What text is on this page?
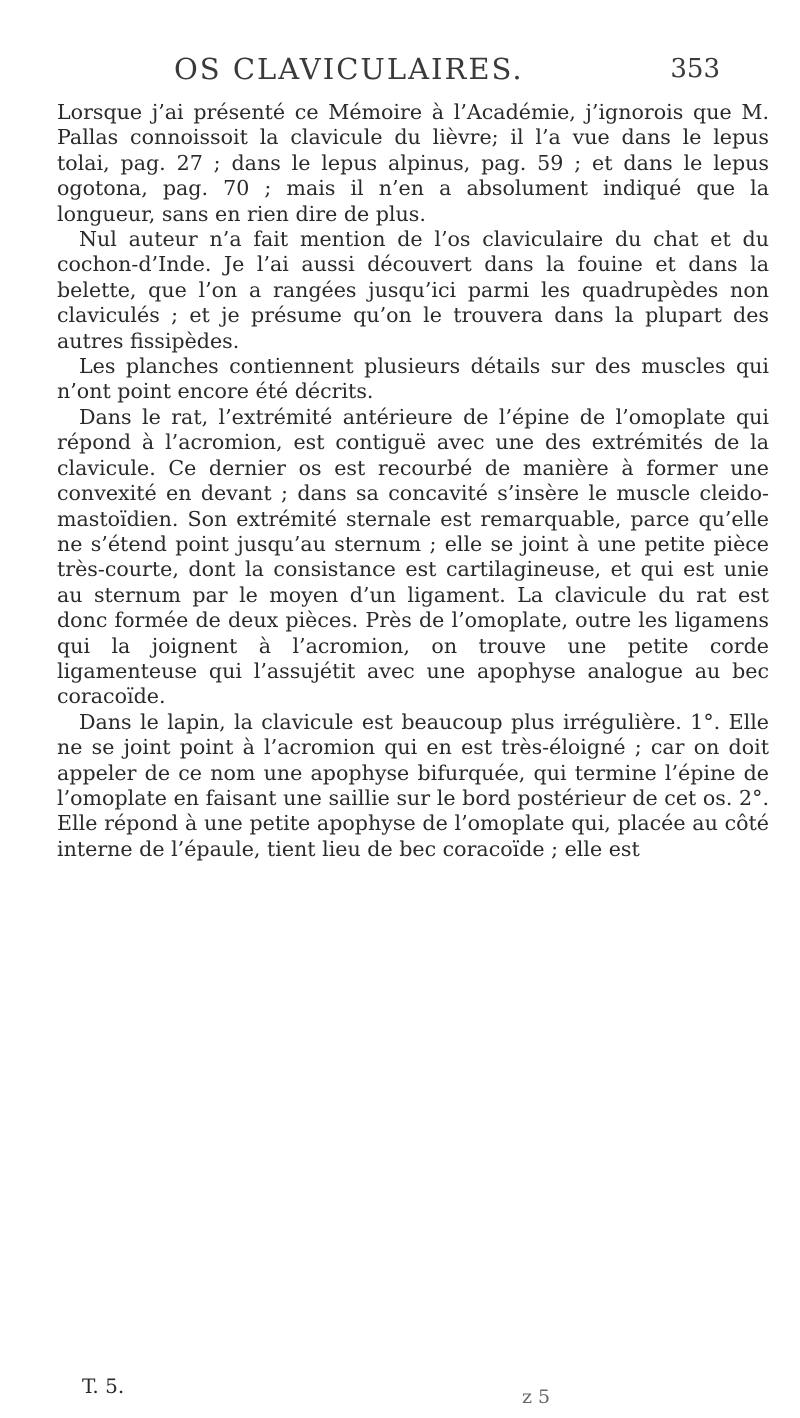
OS CLAVICULAIRES.	353

Lorsque j’ai présenté ce Mémoire à l’Académie, j’ignorois que M. Pallas connoissoit la clavicule du lièvre; il l’a vue dans le lepus tolai, pag. 27 ; dans le lepus alpinus, pag. 59 ; et dans le lepus ogotona, pag. 70 ; mais il n’en a absolument indiqué que la longueur, sans en rien dire de plus.

Nul auteur n’a fait mention de l’os claviculaire du chat et du cochon-d’Inde. Je l’ai aussi découvert dans la fouine et dans la belette, que l’on a rangées jusqu’ici parmi les quadrupèdes non claviculés ; et je présume qu’on le trouvera dans la plupart des autres fissipèdes.

Les planches contiennent plusieurs détails sur des muscles qui n’ont point encore été décrits.

Dans le rat, l’extrémité antérieure de l’épine de l’omoplate qui répond à l’acromion, est contiguë avec une des extrémités de la clavicule. Ce dernier os est recourbé de manière à former une convexité en devant ; dans sa concavité s’insère le muscle cleido-mastoïdien. Son extrémité sternale est remarquable, parce qu’elle ne s’étend point jusqu’au sternum ; elle se joint à une petite pièce très-courte, dont la consistance est cartilagineuse, et qui est unie au sternum par le moyen d’un ligament. La clavicule du rat est donc formée de deux pièces. Près de l’omoplate, outre les ligamens qui la joignent à l’acromion, on trouve une petite corde ligamenteuse qui l’assujétit avec une apophyse analogue au bec coracoïde.

Dans le lapin, la clavicule est beaucoup plus irrégulière. 1°. Elle ne se joint point à l’acromion qui en est très-éloigné ; car on doit appeler de ce nom une apophyse bifurquée, qui termine l’épine de l’omoplate en faisant une saillie sur le bord postérieur de cet os. 2°. Elle répond à une petite apophyse de l’omoplate qui, placée au côté interne de l’épaule, tient lieu de bec coracoïde ; elle est

T. 5.	z 5
